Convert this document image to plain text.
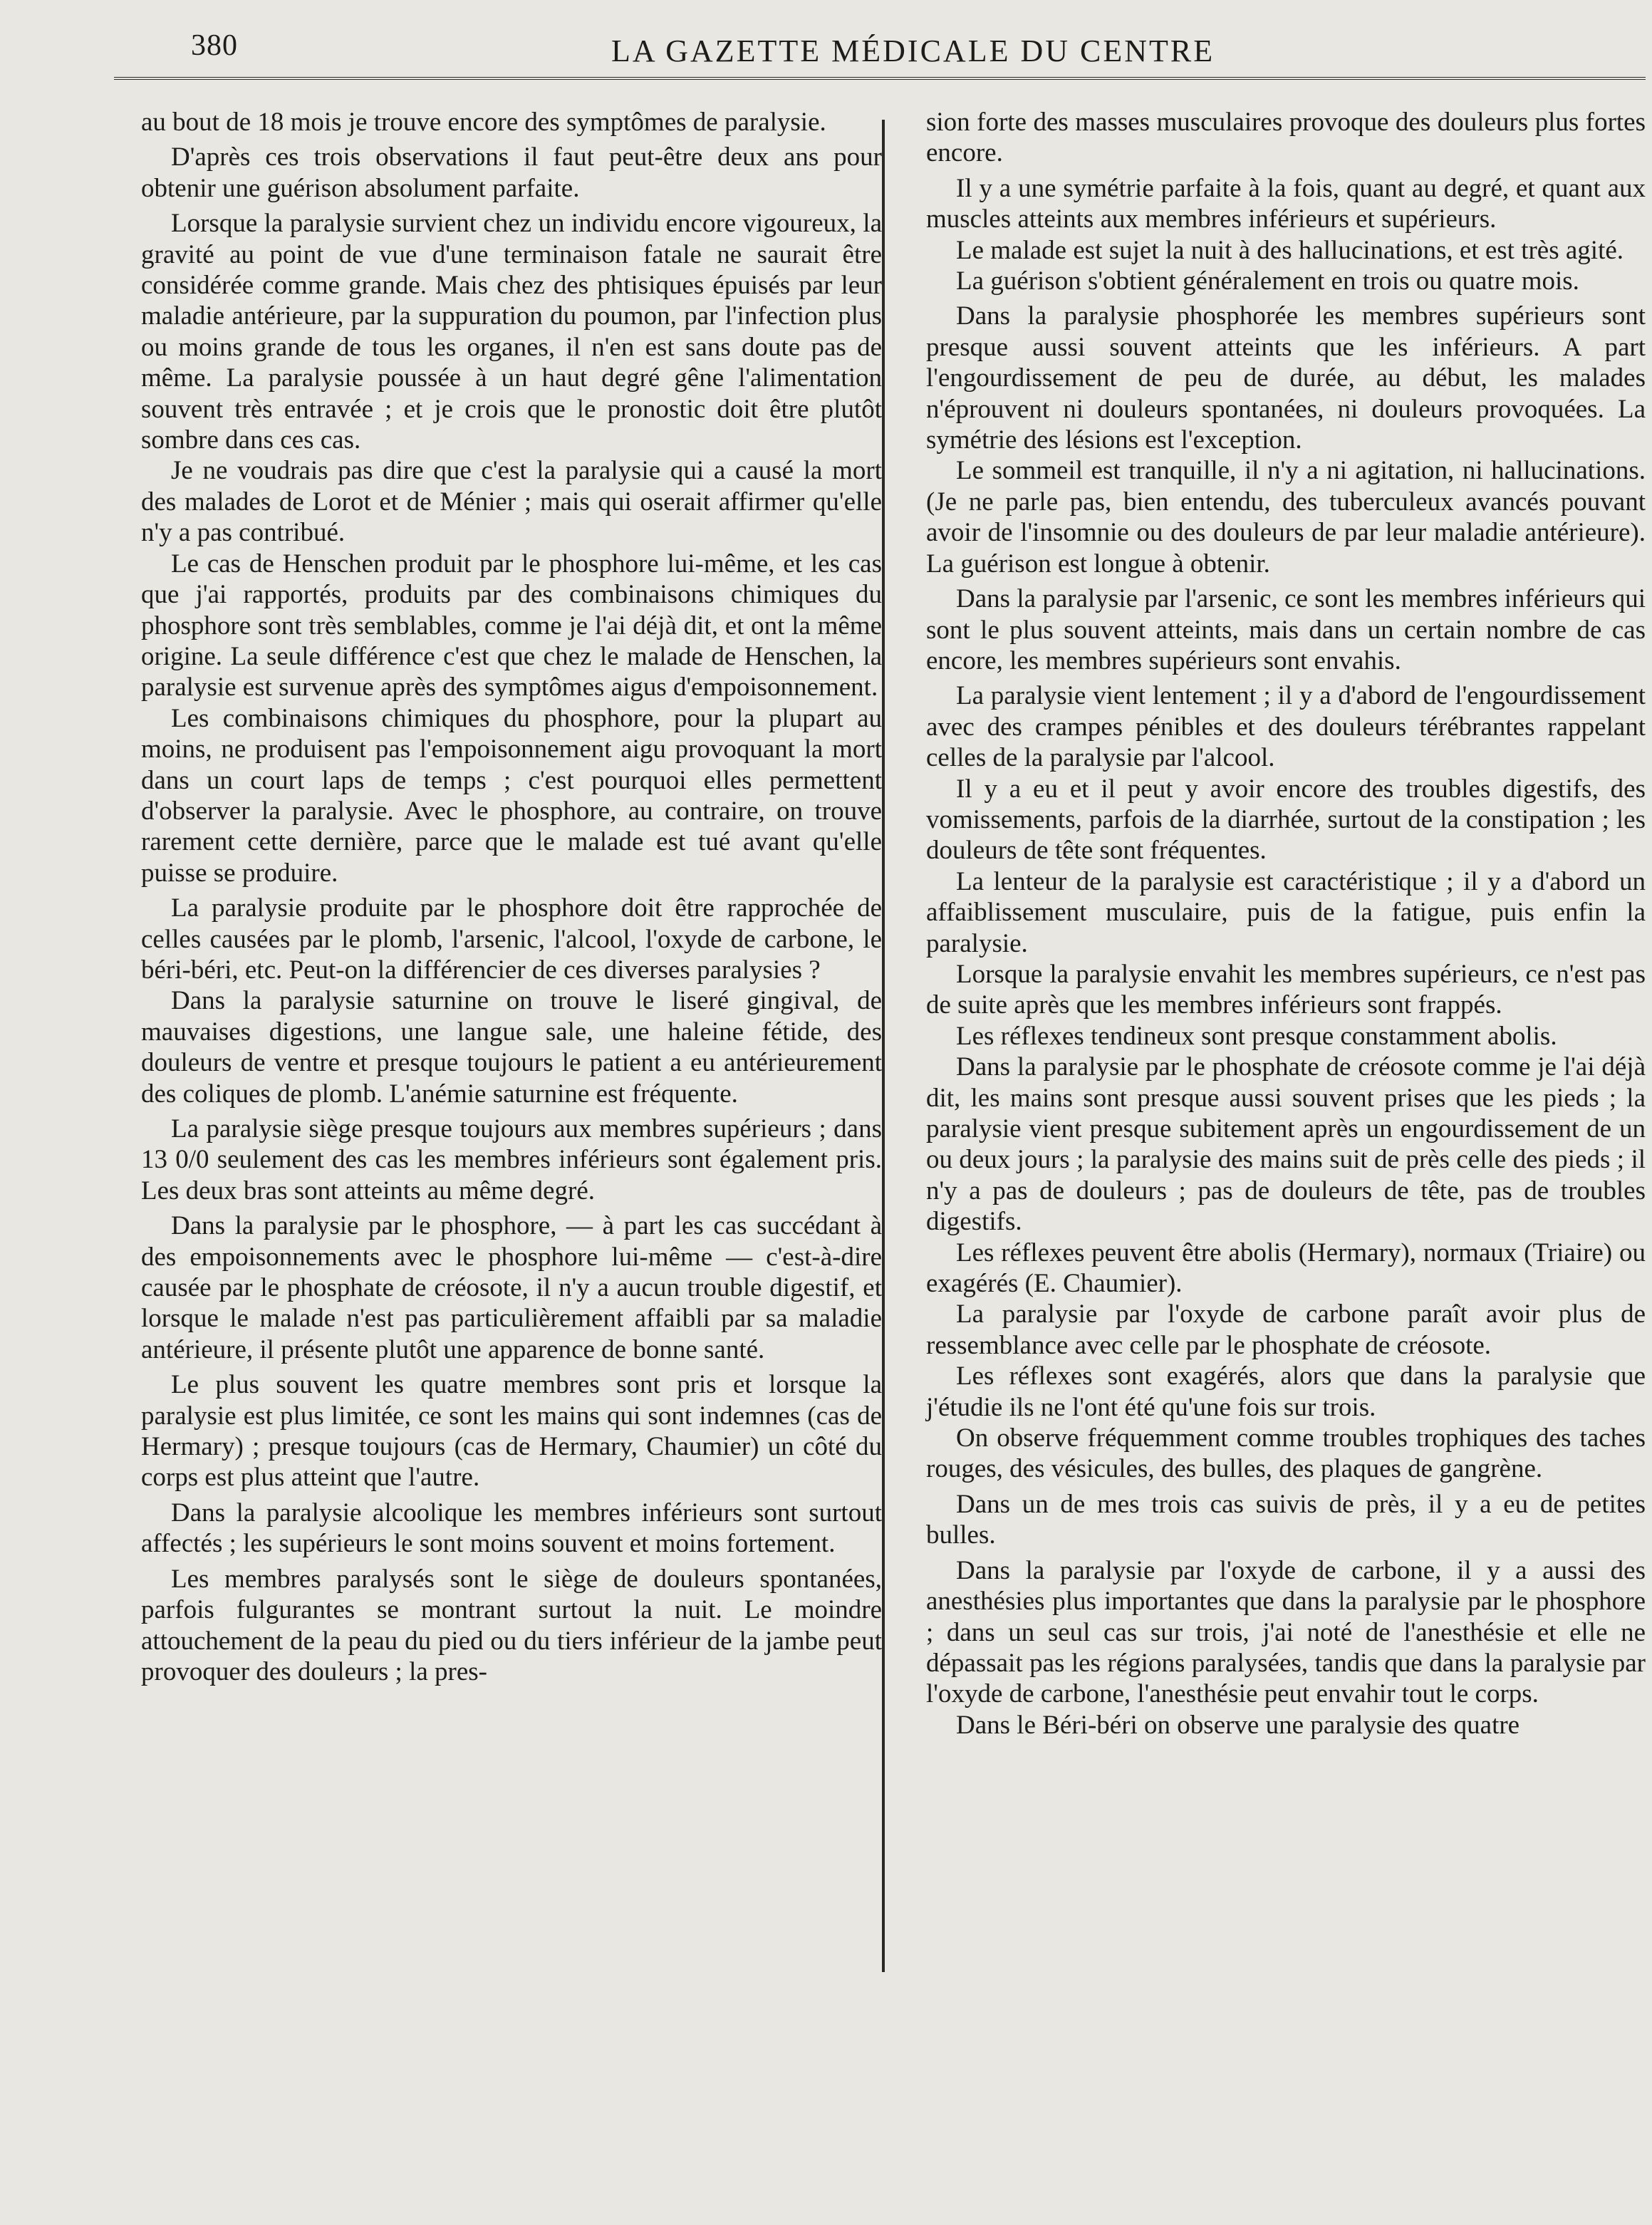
380	LA GAZETTE MÉDICALE DU CENTRE

au bout de 18 mois je trouve encore des symptômes de paralysie.

D'après ces trois observations il faut peut-être deux ans pour obtenir une guérison absolument parfaite.

Lorsque la paralysie survient chez un individu encore vigoureux, la gravité au point de vue d'une terminaison fatale ne saurait être considérée comme grande. Mais chez des phtisiques épuisés par leur maladie antérieure, par la suppuration du poumon, par l'infection plus ou moins grande de tous les organes, il n'en est sans doute pas de même. La paralysie poussée à un haut degré gêne l'alimentation souvent très entravée ; et je crois que le pronostic doit être plutôt sombre dans ces cas.

Je ne voudrais pas dire que c'est la paralysie qui a causé la mort des malades de Lorot et de Ménier ; mais qui oserait affirmer qu'elle n'y a pas contribué.

Le cas de Henschen produit par le phosphore lui-même, et les cas que j'ai rapportés, produits par des combinaisons chimiques du phosphore sont très semblables, comme je l'ai déjà dit, et ont la même origine. La seule différence c'est que chez le malade de Henschen, la paralysie est survenue après des symptômes aigus d'empoisonnement.

Les combinaisons chimiques du phosphore, pour la plupart au moins, ne produisent pas l'empoisonnement aigu provoquant la mort dans un court laps de temps ; c'est pourquoi elles permettent d'observer la paralysie. Avec le phosphore, au contraire, on trouve rarement cette dernière, parce que le malade est tué avant qu'elle puisse se produire.

La paralysie produite par le phosphore doit être rapprochée de celles causées par le plomb, l'arsenic, l'alcool, l'oxyde de carbone, le béri-béri, etc. Peut-on la différencier de ces diverses paralysies ?

Dans la paralysie saturnine on trouve le liseré gingival, de mauvaises digestions, une langue sale, une haleine fétide, des douleurs de ventre et presque toujours le patient a eu antérieurement des coliques de plomb. L'anémie saturnine est fréquente.

La paralysie siège presque toujours aux membres supérieurs ; dans 13 0/0 seulement des cas les membres inférieurs sont également pris. Les deux bras sont atteints au même degré.

Dans la paralysie par le phosphore, — à part les cas succédant à des empoisonnements avec le phosphore lui-même — c'est-à-dire causée par le phosphate de créosote, il n'y a aucun trouble digestif, et lorsque le malade n'est pas particulièrement affaibli par sa maladie antérieure, il présente plutôt une apparence de bonne santé.

Le plus souvent les quatre membres sont pris et lorsque la paralysie est plus limitée, ce sont les mains qui sont indemnes (cas de Hermary) ; presque toujours (cas de Hermary, Chaumier) un côté du corps est plus atteint que l'autre.

Dans la paralysie alcoolique les membres inférieurs sont surtout affectés ; les supérieurs le sont moins souvent et moins fortement.

Les membres paralysés sont le siège de douleurs spontanées, parfois fulgurantes se montrant surtout la nuit. Le moindre attouchement de la peau du pied ou du tiers inférieur de la jambe peut provoquer des douleurs ; la pres-

sion forte des masses musculaires provoque des douleurs plus fortes encore.

Il y a une symétrie parfaite à la fois, quant au degré, et quant aux muscles atteints aux membres inférieurs et supérieurs.

Le malade est sujet la nuit à des hallucinations, et est très agité.

La guérison s'obtient généralement en trois ou quatre mois.

Dans la paralysie phosphorée les membres supérieurs sont presque aussi souvent atteints que les inférieurs. A part l'engourdissement de peu de durée, au début, les malades n'éprouvent ni douleurs spontanées, ni douleurs provoquées. La symétrie des lésions est l'exception.

Le sommeil est tranquille, il n'y a ni agitation, ni hallucinations. (Je ne parle pas, bien entendu, des tuberculeux avancés pouvant avoir de l'insomnie ou des douleurs de par leur maladie antérieure). La guérison est longue à obtenir.

Dans la paralysie par l'arsenic, ce sont les membres inférieurs qui sont le plus souvent atteints, mais dans un certain nombre de cas encore, les membres supérieurs sont envahis.

La paralysie vient lentement ; il y a d'abord de l'engourdissement avec des crampes pénibles et des douleurs térébrantes rappelant celles de la paralysie par l'alcool.

Il y a eu et il peut y avoir encore des troubles digestifs, des vomissements, parfois de la diarrhée, surtout de la constipation ; les douleurs de tête sont fréquentes.

La lenteur de la paralysie est caractéristique ; il y a d'abord un affaiblissement musculaire, puis de la fatigue, puis enfin la paralysie.

Lorsque la paralysie envahit les membres supérieurs, ce n'est pas de suite après que les membres inférieurs sont frappés.

Les réflexes tendineux sont presque constamment abolis.

Dans la paralysie par le phosphate de créosote comme je l'ai déjà dit, les mains sont presque aussi souvent prises que les pieds ; la paralysie vient presque subitement après un engourdissement de un ou deux jours ; la paralysie des mains suit de près celle des pieds ; il n'y a pas de douleurs ; pas de douleurs de tête, pas de troubles digestifs.

Les réflexes peuvent être abolis (Hermary), normaux (Triaire) ou exagérés (E. Chaumier).

La paralysie par l'oxyde de carbone paraît avoir plus de ressemblance avec celle par le phosphate de créosote.

Les réflexes sont exagérés, alors que dans la paralysie que j'étudie ils ne l'ont été qu'une fois sur trois.

On observe fréquemment comme troubles trophiques des taches rouges, des vésicules, des bulles, des plaques de gangrène.

Dans un de mes trois cas suivis de près, il y a eu de petites bulles.

Dans la paralysie par l'oxyde de carbone, il y a aussi des anesthésies plus importantes que dans la paralysie par le phosphore ; dans un seul cas sur trois, j'ai noté de l'anesthésie et elle ne dépassait pas les régions paralysées, tandis que dans la paralysie par l'oxyde de carbone, l'anesthésie peut envahir tout le corps.

Dans le Béri-béri on observe une paralysie des quatre
